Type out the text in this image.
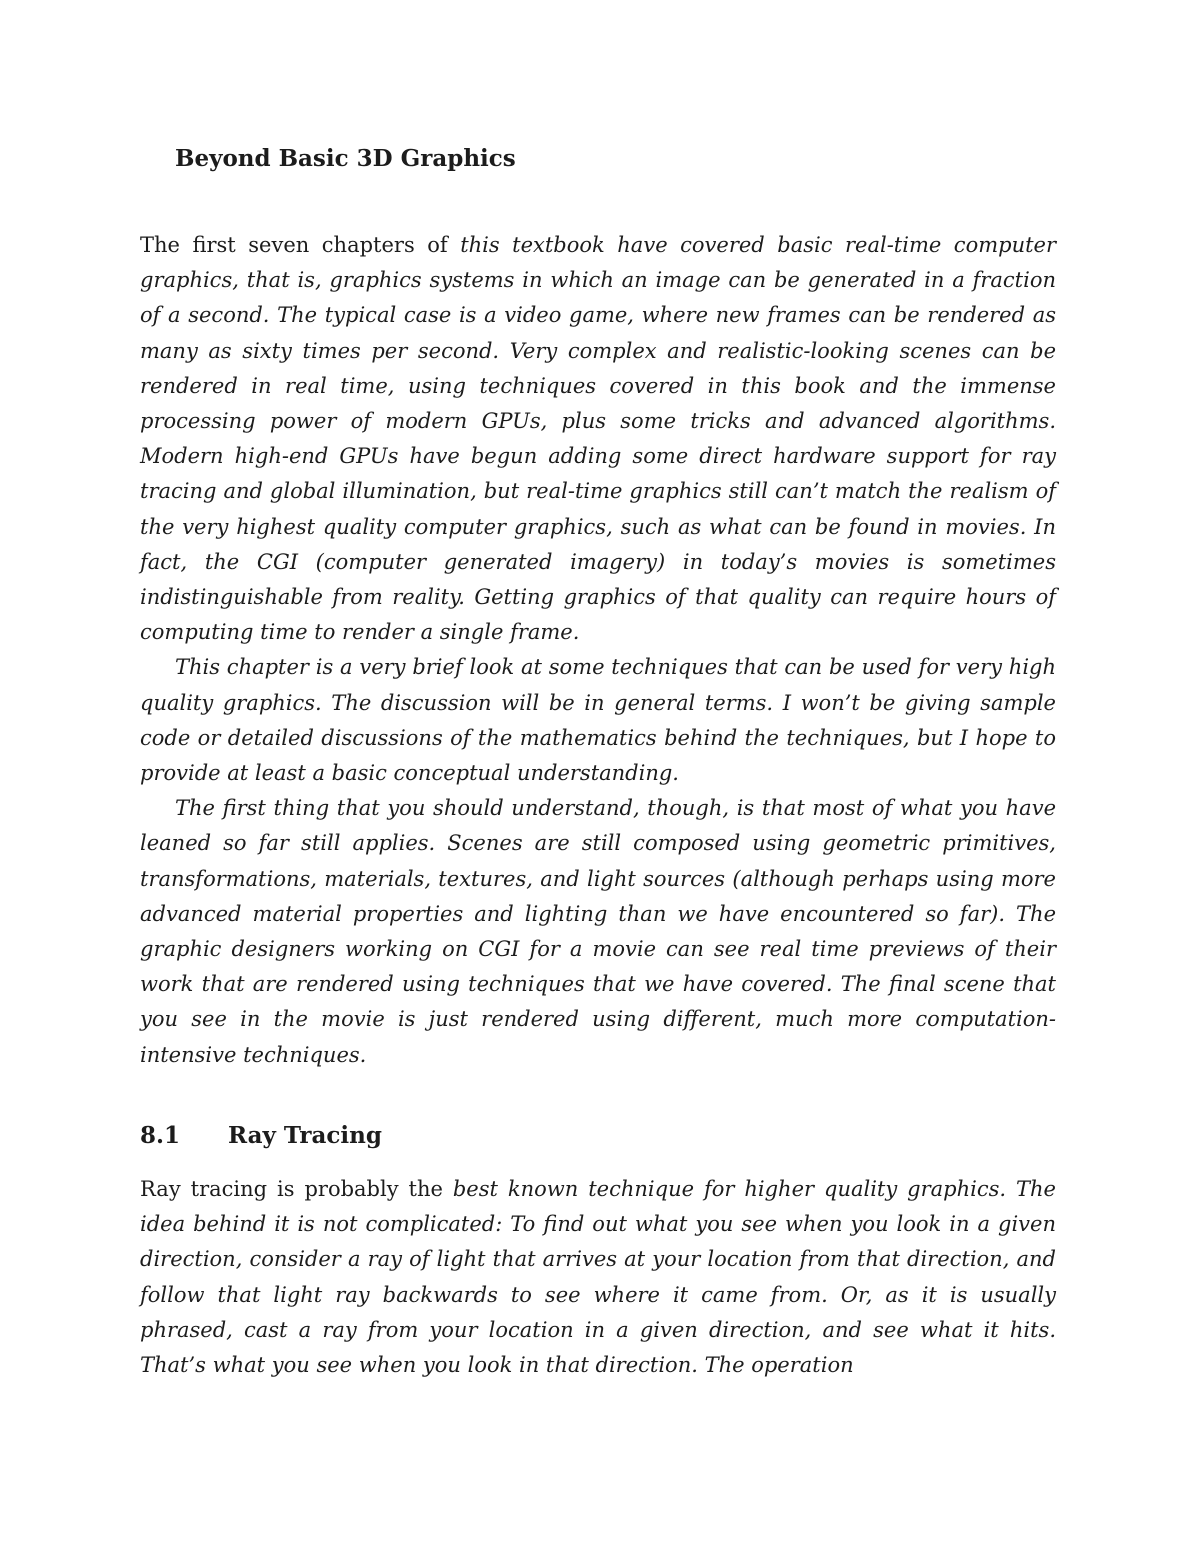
Beyond Basic 3D Graphics

The first seven chapters of this textbook have covered basic real-time computer graphics, that is, graphics systems in which an image can be generated in a fraction of a second. The typical case is a video game, where new frames can be rendered as many as sixty times per second. Very complex and realistic-looking scenes can be rendered in real time, using techniques covered in this book and the immense processing power of modern GPUs, plus some tricks and advanced algorithms. Modern high-end GPUs have begun adding some direct hardware support for ray tracing and global illumination, but real-time graphics still can’t match the realism of the very highest quality computer graphics, such as what can be found in movies. In fact, the CGI (computer generated imagery) in today’s movies is sometimes indistinguishable from reality. Getting graphics of that quality can require hours of computing time to render a single frame.

This chapter is a very brief look at some techniques that can be used for very high quality graphics. The discussion will be in general terms. I won’t be giving sample code or detailed discussions of the mathematics behind the techniques, but I hope to provide at least a basic conceptual understanding.

The first thing that you should understand, though, is that most of what you have leaned so far still applies. Scenes are still composed using geometric primitives, transformations, materials, textures, and light sources (although perhaps using more advanced material properties and lighting than we have encountered so far). The graphic designers working on CGI for a movie can see real time previews of their work that are rendered using techniques that we have covered. The final scene that you see in the movie is just rendered using different, much more computation-intensive techniques.

8.1 Ray Tracing

Ray tracing is probably the best known technique for higher quality graphics. The idea behind it is not complicated: To find out what you see when you look in a given direction, consider a ray of light that arrives at your location from that direction, and follow that light ray backwards to see where it came from. Or, as it is usually phrased, cast a ray from your location in a given direction, and see what it hits. That’s what you see when you look in that direction. The operation
